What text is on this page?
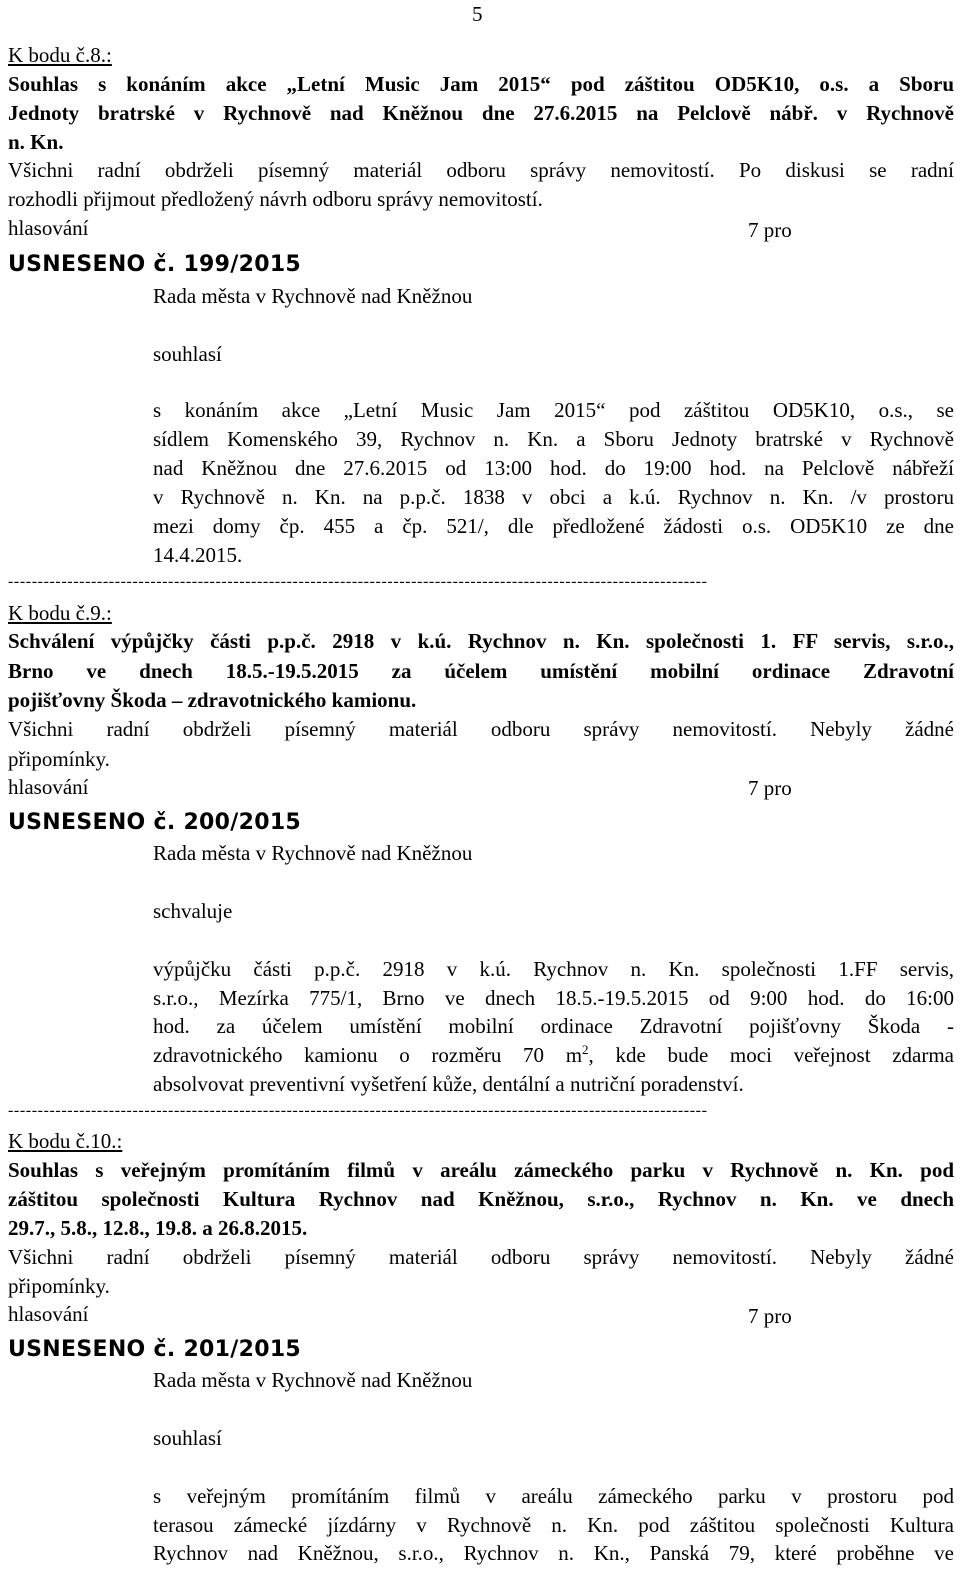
5
K bodu č.8.:
Souhlas s konáním akce „Letní Music Jam 2015“ pod záštitou OD5K10, o.s. a Sboru
Jednoty bratrské v Rychnově nad Kněžnou dne 27.6.2015 na Pelclově nábř. v Rychnově
n. Kn.
Všichni radní obdrželi písemný materiál odboru správy nemovitostí. Po diskusi se radní
rozhodli přijmout předložený návrh odboru správy nemovitostí.
hlasování	7 pro
USNESENO č. 199/2015
Rada města v Rychnově nad Kněžnou
souhlasí
s konáním akce „Letní Music Jam 2015“ pod záštitou OD5K10, o.s., se
sídlem Komenského 39, Rychnov n. Kn. a Sboru Jednoty bratrské v Rychnově
nad Kněžnou dne 27.6.2015 od 13:00 hod. do 19:00 hod. na Pelclově nábřeží
v Rychnově n. Kn. na p.p.č. 1838 v obci a k.ú. Rychnov n. Kn. /v prostoru
mezi domy čp. 455 a čp. 521/, dle předložené žádosti o.s. OD5K10 ze dne
14.4.2015.
----------------------------------------------------------------------------------------------------------------------
K bodu č.9.:
Schválení výpůjčky části p.p.č. 2918 v k.ú. Rychnov n. Kn. společnosti 1. FF servis, s.r.o.,
Brno ve dnech 18.5.-19.5.2015 za účelem umístění mobilní ordinace Zdravotní
pojišťovny Škoda – zdravotnického kamionu.
Všichni radní obdrželi písemný materiál odboru správy nemovitostí. Nebyly žádné
připomínky.
hlasování	7 pro
USNESENO č. 200/2015
Rada města v Rychnově nad Kněžnou
schvaluje
výpůjčku části p.p.č. 2918 v k.ú. Rychnov n. Kn. společnosti 1.FF servis,
s.r.o., Mezírka 775/1, Brno ve dnech 18.5.-19.5.2015 od 9:00 hod. do 16:00
hod. za účelem umístění mobilní ordinace Zdravotní pojišťovny Škoda -
zdravotnického kamionu o rozměru 70 $m^2$, kde bude moci veřejnost zdarma
absolvovat preventivní vyšetření kůže, dentální a nutriční poradenství.
----------------------------------------------------------------------------------------------------------------------
K bodu č.10.:
Souhlas s veřejným promítáním filmů v areálu zámeckého parku v Rychnově n. Kn. pod
záštitou společnosti Kultura Rychnov nad Kněžnou, s.r.o., Rychnov n. Kn. ve dnech
29.7., 5.8., 12.8., 19.8. a 26.8.2015.
Všichni radní obdrželi písemný materiál odboru správy nemovitostí. Nebyly žádné
připomínky.
hlasování	7 pro
USNESENO č. 201/2015
Rada města v Rychnově nad Kněžnou
souhlasí
s veřejným promítáním filmů v areálu zámeckého parku v prostoru pod
terasou zámecké jízdárny v Rychnově n. Kn. pod záštitou společnosti Kultura
Rychnov nad Kněžnou, s.r.o., Rychnov n. Kn., Panská 79, které proběhne ve
